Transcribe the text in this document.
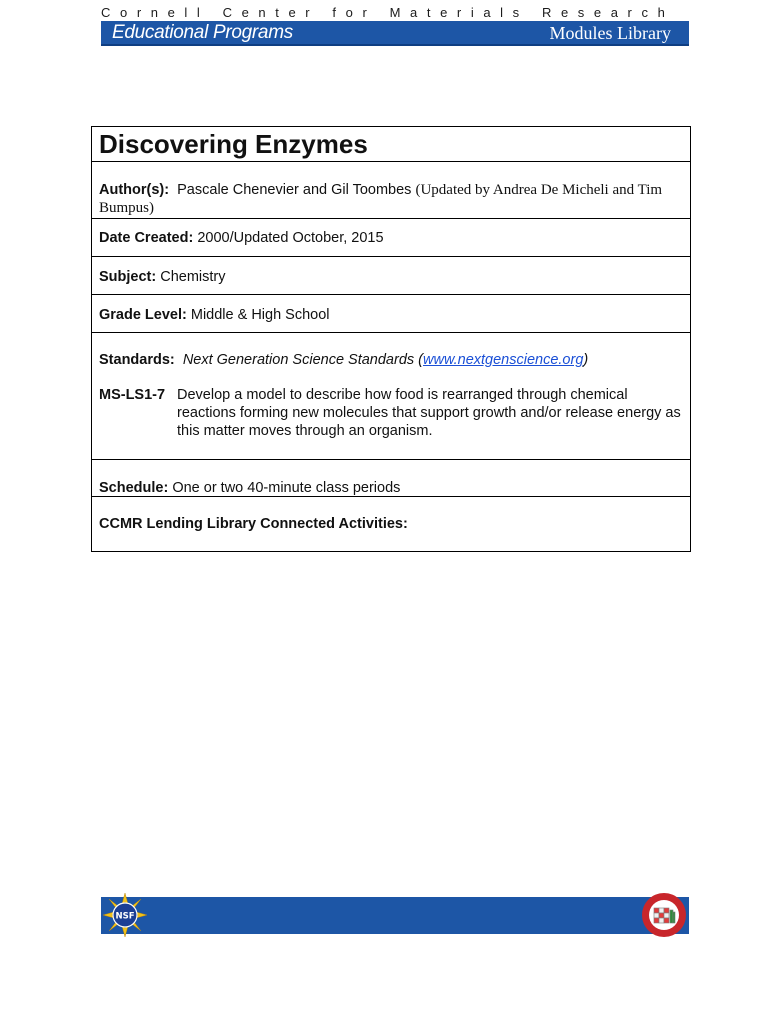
Cornell Center for Materials Research
Educational Programs	Modules Library
Discovering Enzymes
Author(s): Pascale Chenevier and Gil Toombes (Updated by Andrea De Micheli and Tim Bumpus)
Date Created: 2000/Updated October, 2015
Subject: Chemistry
Grade Level: Middle & High School
Standards: Next Generation Science Standards (www.nextgenscience.org)
MS-LS1-7 Develop a model to describe how food is rearranged through chemical reactions forming new molecules that support growth and/or release energy as this matter moves through an organism.
Schedule: One or two 40-minute class periods
CCMR Lending Library Connected Activities:
NSF
